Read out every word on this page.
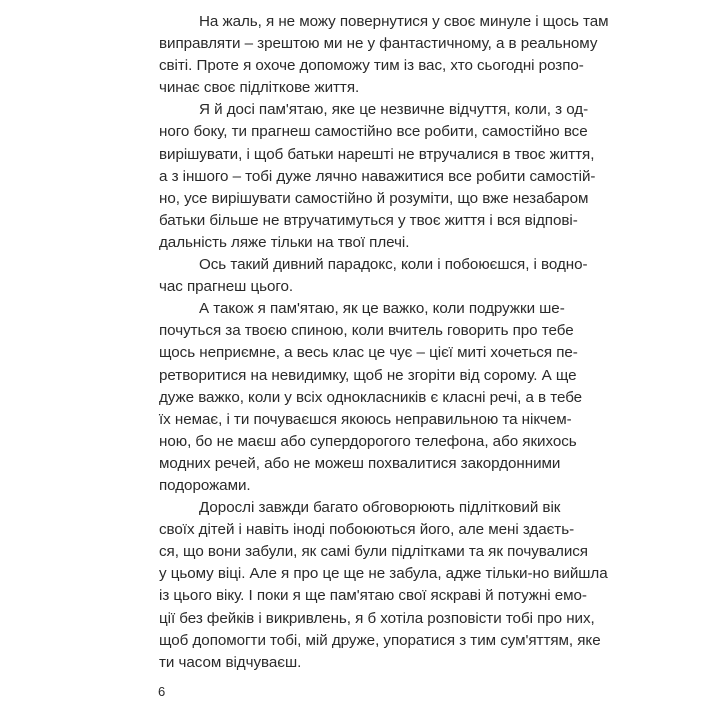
На жаль, я не можу повернутися у своє минуле і щось там
виправляти – зрештою ми не у фантастичному, а в реальному
світі. Проте я охоче допоможу тим із вас, хто сьогодні розпо-
чинає своє підліткове життя.
Я й досі пам'ятаю, яке це незвичне відчуття, коли, з од-
ного боку, ти прагнеш самостійно все робити, самостійно все
вирішувати, і щоб батьки нарешті не втручалися в твоє життя,
а з іншого – тобі дуже лячно наважитися все робити самостій-
но, усе вирішувати самостійно й розуміти, що вже незабаром
батьки більше не втручатимуться у твоє життя і вся відпові-
дальність ляже тільки на твої плечі.
Ось такий дивний парадокс, коли і побоюєшся, і водно-
час прагнеш цього.
А також я пам'ятаю, як це важко, коли подружки ше-
почуться за твоєю спиною, коли вчитель говорить про тебе
щось неприємне, а весь клас це чує – цієї миті хочеться пе-
ретворитися на невидимку, щоб не згоріти від сорому. А ще
дуже важко, коли у всіх однокласників є класні речі, а в тебе
їх немає, і ти почуваєшся якоюсь неправильною та нікчем-
ною, бо не маєш або супердорогого телефона, або якихось
модних речей, або не можеш похвалитися закордонними
подорожами.
Дорослі завжди багато обговорюють підлітковий вік
своїх дітей і навіть іноді побоюються його, але мені здаєть-
ся, що вони забули, як самі були підлітками та як почувалися
у цьому віці. Але я про це ще не забула, адже тільки-но вийшла
із цього віку. І поки я ще пам'ятаю свої яскраві й потужні емо-
ції без фейків і викривлень, я б хотіла розповісти тобі про них,
щоб допомогти тобі, мій друже, упоратися з тим сум'яттям, яке
ти часом відчуваєш.
6
